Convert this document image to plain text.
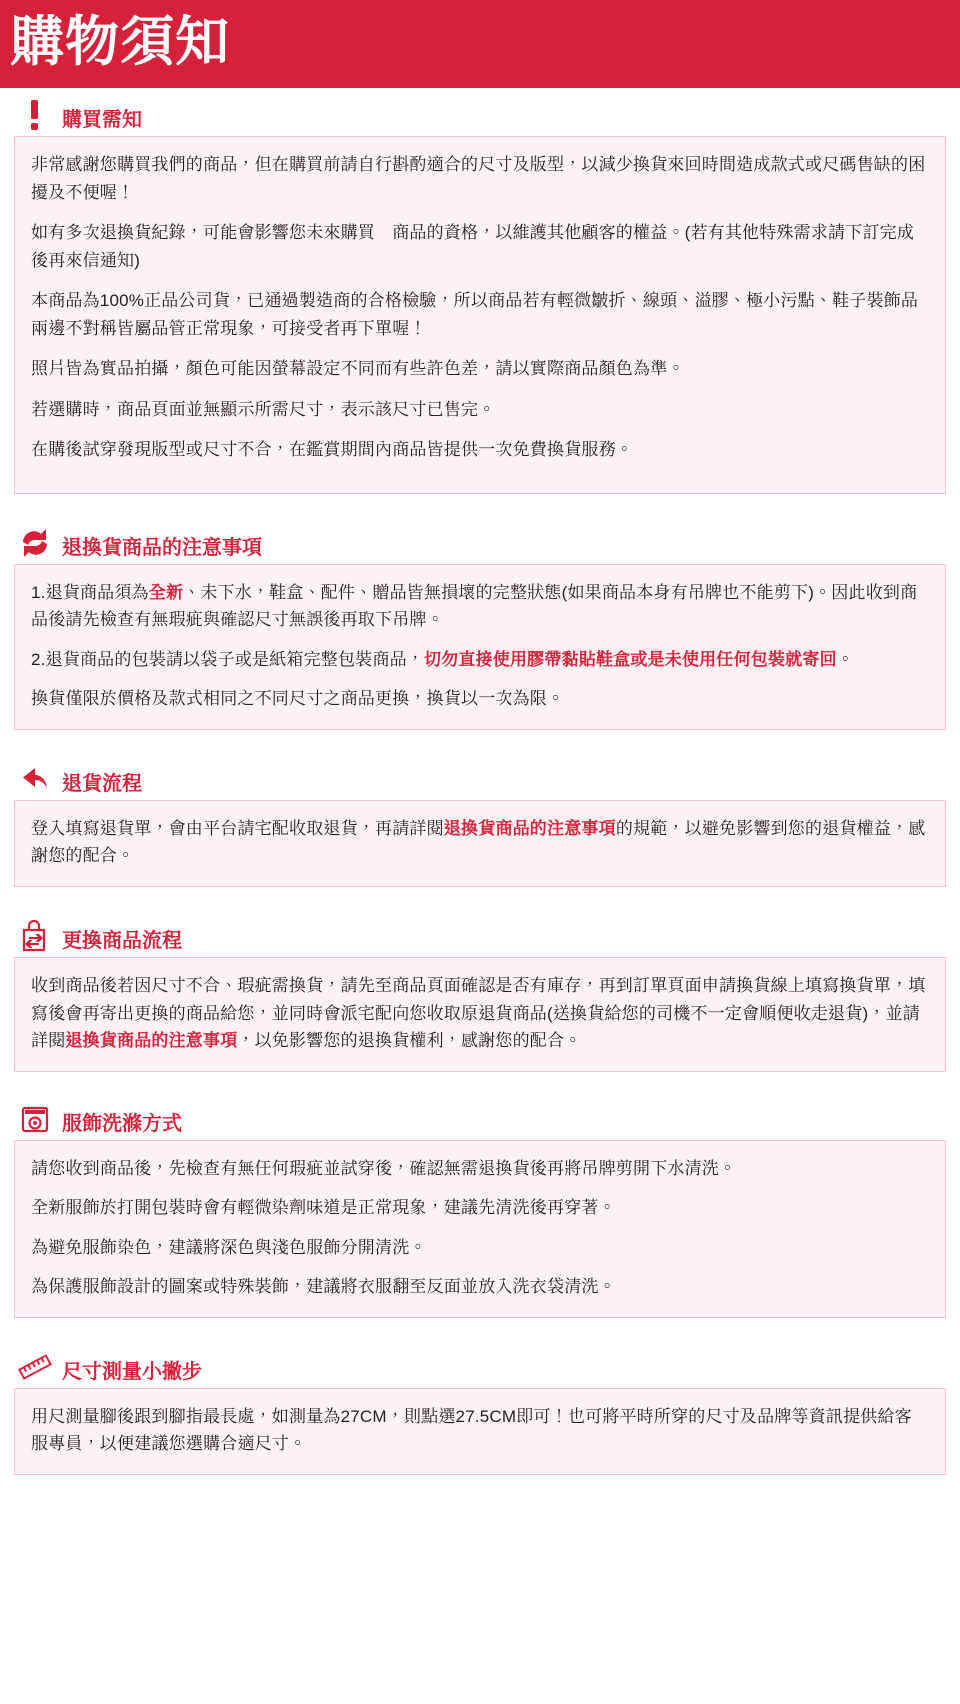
購物須知
購買需知

非常感謝您購買我們的商品，但在購買前請自行斟酌適合的尺寸及版型，以減少換貨來回時間造成款式或尺碼售缺的困擾及不便喔！

如有多次退換貨紀錄，可能會影響您未來購買　商品的資格，以維護其他顧客的權益。(若有其他特殊需求請下訂完成後再來信通知)

本商品為100%正品公司貨，已通過製造商的合格檢驗，所以商品若有輕微皺折、線頭、溢膠、極小污點、鞋子裝飾品兩邊不對稱皆屬品管正常現象，可接受者再下單喔！

照片皆為實品拍攝，顏色可能因螢幕設定不同而有些許色差，請以實際商品顏色為準。

若選購時，商品頁面並無顯示所需尺寸，表示該尺寸已售完。

在購後試穿發現版型或尺寸不合，在鑑賞期間內商品皆提供一次免費換貨服務。

退換貨商品的注意事項

1.退貨商品須為全新、未下水，鞋盒、配件、贈品皆無損壞的完整狀態(如果商品本身有吊牌也不能剪下)。因此收到商品後請先檢查有無瑕疵與確認尺寸無誤後再取下吊牌。

2.退貨商品的包裝請以袋子或是紙箱完整包裝商品，切勿直接使用膠帶黏貼鞋盒或是未使用任何包裝就寄回。

換貨僅限於價格及款式相同之不同尺寸之商品更換，換貨以一次為限。

退貨流程

登入填寫退貨單，會由平台請宅配收取退貨，再請詳閱退換貨商品的注意事項的規範，以避免影響到您的退貨權益，感謝您的配合。

更換商品流程

收到商品後若因尺寸不合、瑕疵需換貨，請先至商品頁面確認是否有庫存，再到訂單頁面申請換貨線上填寫換貨單，填寫後會再寄出更換的商品給您，並同時會派宅配向您收取原退貨商品(送換貨給您的司機不一定會順便收走退貨)，並請詳閱退換貨商品的注意事項，以免影響您的退換貨權利，感謝您的配合。

服飾洗滌方式

請您收到商品後，先檢查有無任何瑕疵並試穿後，確認無需退換貨後再將吊牌剪開下水清洗。

全新服飾於打開包裝時會有輕微染劑味道是正常現象，建議先清洗後再穿著。

為避免服飾染色，建議將深色與淺色服飾分開清洗。

為保護服飾設計的圖案或特殊裝飾，建議將衣服翻至反面並放入洗衣袋清洗。

尺寸測量小撇步

用尺測量腳後跟到腳指最長處，如測量為27CM，則點選27.5CM即可！也可將平時所穿的尺寸及品牌等資訊提供給客服專員，以便建議您選購合適尺寸。
